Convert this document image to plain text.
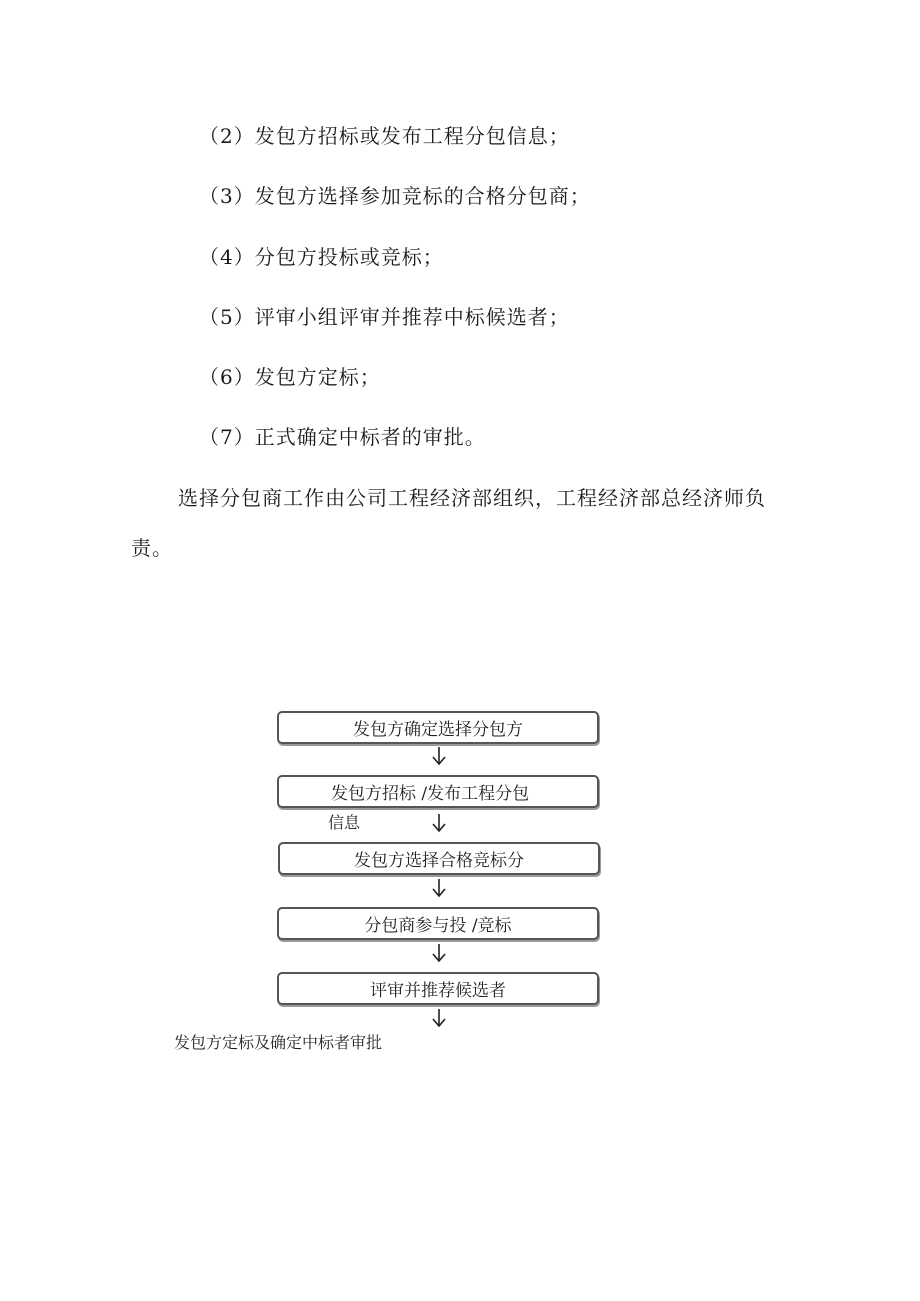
（2）发包方招标或发布工程分包信息；
（3）发包方选择参加竞标的合格分包商；
（4）分包方投标或竞标；
（5）评审小组评审并推荐中标候选者；
（6）发包方定标；
（7）正式确定中标者的审批。
选择分包商工作由公司工程经济部组织，工程经济部总经济师负
责。
发包方确定选择分包方
发包方招标 /发布工程分包
信息
发包方选择合格竞标分
分包商参与投 /竞标
评审并推荐候选者
发包方定标及确定中标者审批
